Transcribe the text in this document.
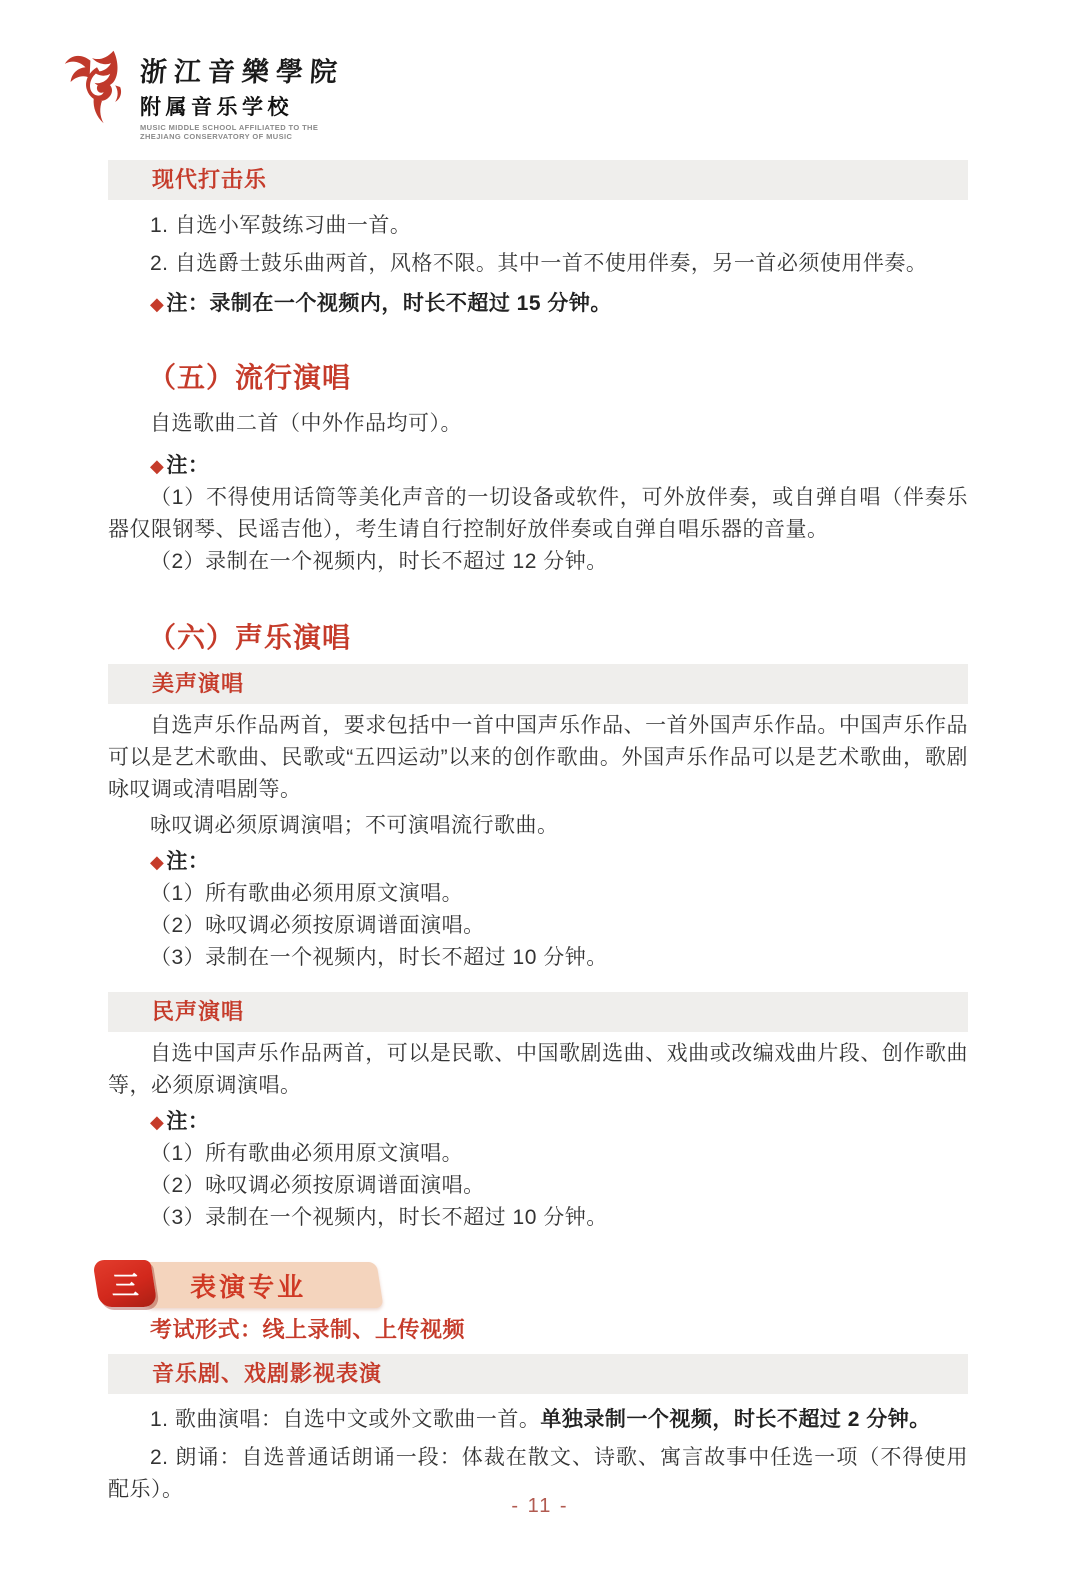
浙江音樂學院
附属音乐学校
MUSIC MIDDLE SCHOOL AFFILIATED TO THE
ZHEJIANG CONSERVATORY OF MUSIC
现代打击乐

1. 自选小军鼓练习曲一首。

2. 自选爵士鼓乐曲两首，风格不限。其中一首不使用伴奏，另一首必须使用伴奏。

◆注：录制在一个视频内，时长不超过 15 分钟。

（五）流行演唱

自选歌曲二首（中外作品均可）。

◆注：

（1）不得使用话筒等美化声音的一切设备或软件，可外放伴奏，或自弹自唱（伴奏乐器仅限钢琴、民谣吉他），考生请自行控制好放伴奏或自弹自唱乐器的音量。

（2）录制在一个视频内，时长不超过 12 分钟。

（六）声乐演唱
美声演唱

自选声乐作品两首，要求包括中一首中国声乐作品、一首外国声乐作品。中国声乐作品可以是艺术歌曲、民歌或“五四运动”以来的创作歌曲。外国声乐作品可以是艺术歌曲，歌剧咏叹调或清唱剧等。

咏叹调必须原调演唱；不可演唱流行歌曲。

◆注：

（1）所有歌曲必须用原文演唱。

（2）咏叹调必须按原调谱面演唱。

（3）录制在一个视频内，时长不超过 10 分钟。

民声演唱

自选中国声乐作品两首，可以是民歌、中国歌剧选曲、戏曲或改编戏曲片段、创作歌曲等，必须原调演唱。

◆注：

（1）所有歌曲必须用原文演唱。

（2）咏叹调必须按原调谱面演唱。

（3）录制在一个视频内，时长不超过 10 分钟。

表演专业
三

考试形式：线上录制、上传视频

音乐剧、戏剧影视表演

1. 歌曲演唱：自选中文或外文歌曲一首。单独录制一个视频，时长不超过 2 分钟。

2. 朗诵：自选普通话朗诵一段：体裁在散文、诗歌、寓言故事中任选一项（不得使用配乐）。

- 11 -
